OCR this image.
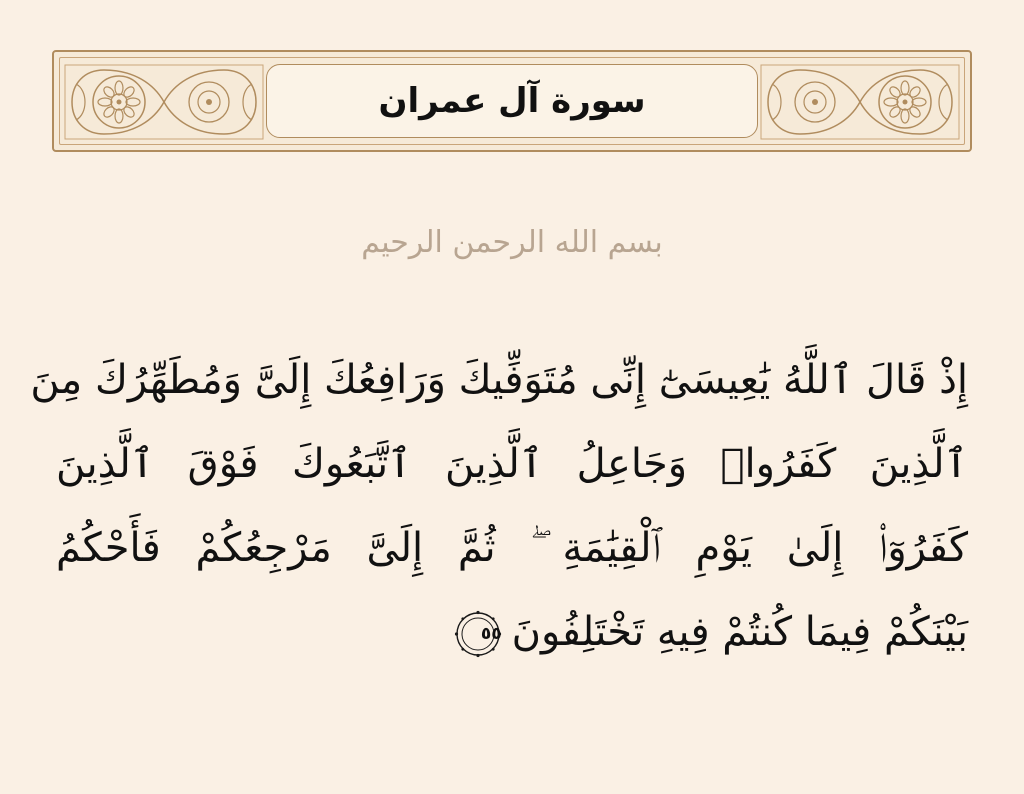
سورة آل عمران
بسم الله الرحمن الرحيم
إِذْ قَالَ ٱللَّهُ يَٰعِيسَىٰٓ إِنِّى مُتَوَفِّيكَ وَرَافِعُكَ إِلَىَّ وَمُطَهِّرُكَ مِنَ
ٱلَّذِينَ كَفَرُوا۟ وَجَاعِلُ ٱلَّذِينَ ٱتَّبَعُوكَ فَوْقَ ٱلَّذِينَ
كَفَرُوٓا۟ إِلَىٰ يَوْمِ ٱلْقِيَٰمَةِ ۖ ثُمَّ إِلَىَّ مَرْجِعُكُمْ فَأَحْكُمُ
بَيْنَكُمْ فِيمَا كُنتُمْ فِيهِ تَخْتَلِفُونَ
٥٥
